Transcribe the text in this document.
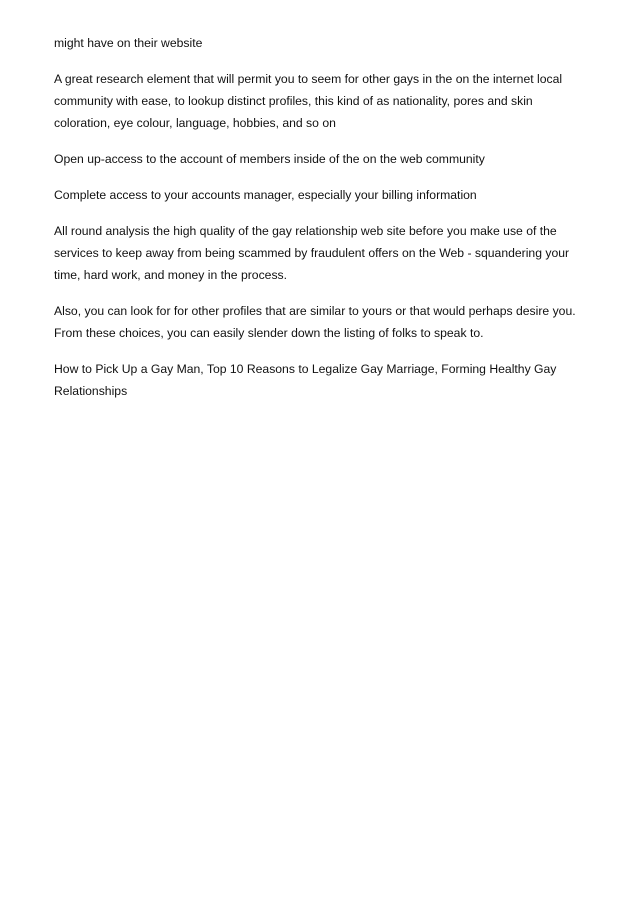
might have on their website

A great research element that will permit you to seem for other gays in the on the internet local community with ease, to lookup distinct profiles, this kind of as nationality, pores and skin coloration, eye colour, language, hobbies, and so on

Open up-access to the account of members inside of the on the web community

Complete access to your accounts manager, especially your billing information

All round analysis the high quality of the gay relationship web site before you make use of the services to keep away from being scammed by fraudulent offers on the Web - squandering your time, hard work, and money in the process.

Also, you can look for for other profiles that are similar to yours or that would perhaps desire you. From these choices, you can easily slender down the listing of folks to speak to.

How to Pick Up a Gay Man, Top 10 Reasons to Legalize Gay Marriage, Forming Healthy Gay Relationships
